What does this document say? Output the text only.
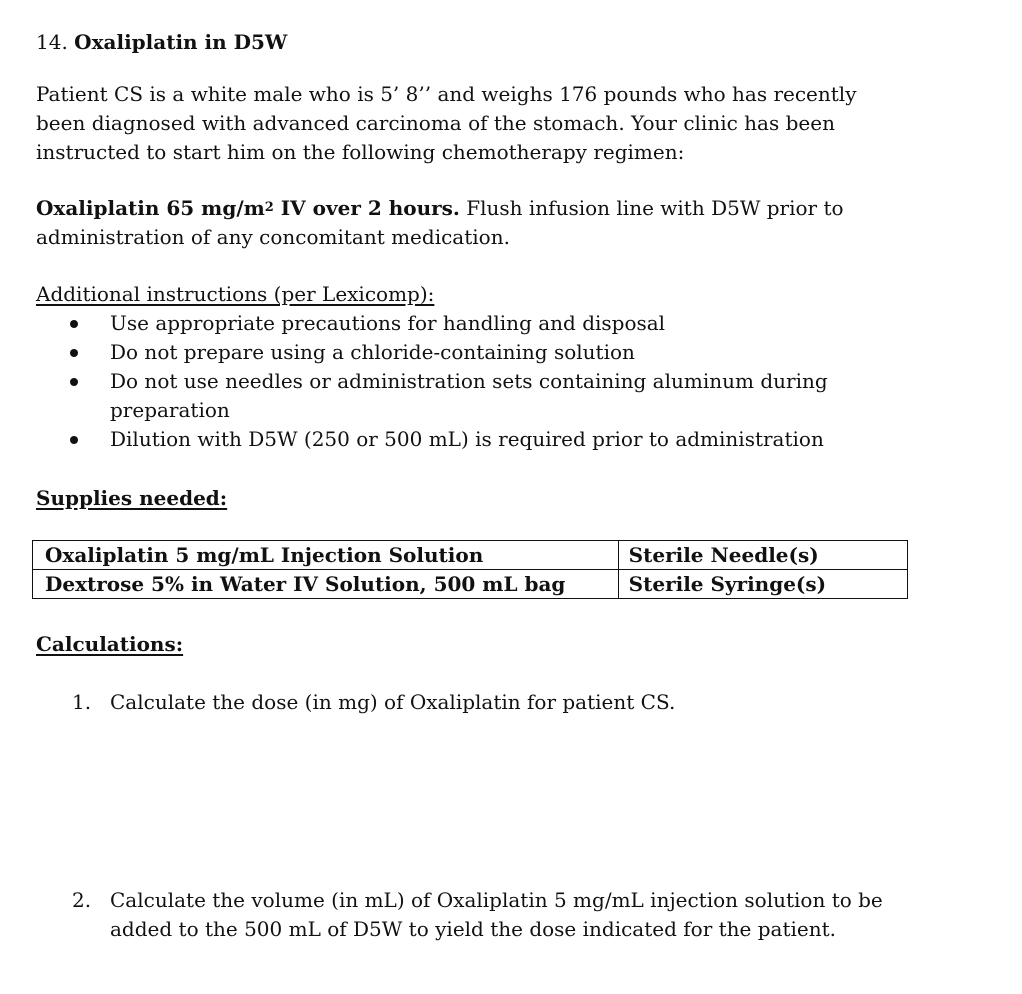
14. Oxaliplatin in D5W

Patient CS is a white male who is 5’ 8’’ and weighs 176 pounds who has recently

been diagnosed with advanced carcinoma of the stomach. Your clinic has been

instructed to start him on the following chemotherapy regimen:

Oxaliplatin 65 $mg/m^2$ IV over 2 hours. Flush infusion line with D5W prior to

administration of any concomitant medication.

Additional instructions (per Lexicomp):

Use appropriate precautions for handling and disposal
Do not prepare using a chloride-containing solution
Do not use needles or administration sets containing aluminum during
preparation
Dilution with D5W (250 or 500 mL) is required prior to administration

Supplies needed:

Oxaliplatin 5 mg/mL Injection Solution	Sterile Needle(s)
Dextrose 5% in Water IV Solution, 500 mL bag	Sterile Syringe(s)

Calculations:

1. Calculate the dose (in mg) of Oxaliplatin for patient CS.
2. Calculate the volume (in mL) of Oxaliplatin 5 mg/mL injection solution to be
added to the 500 mL of D5W to yield the dose indicated for the patient.
